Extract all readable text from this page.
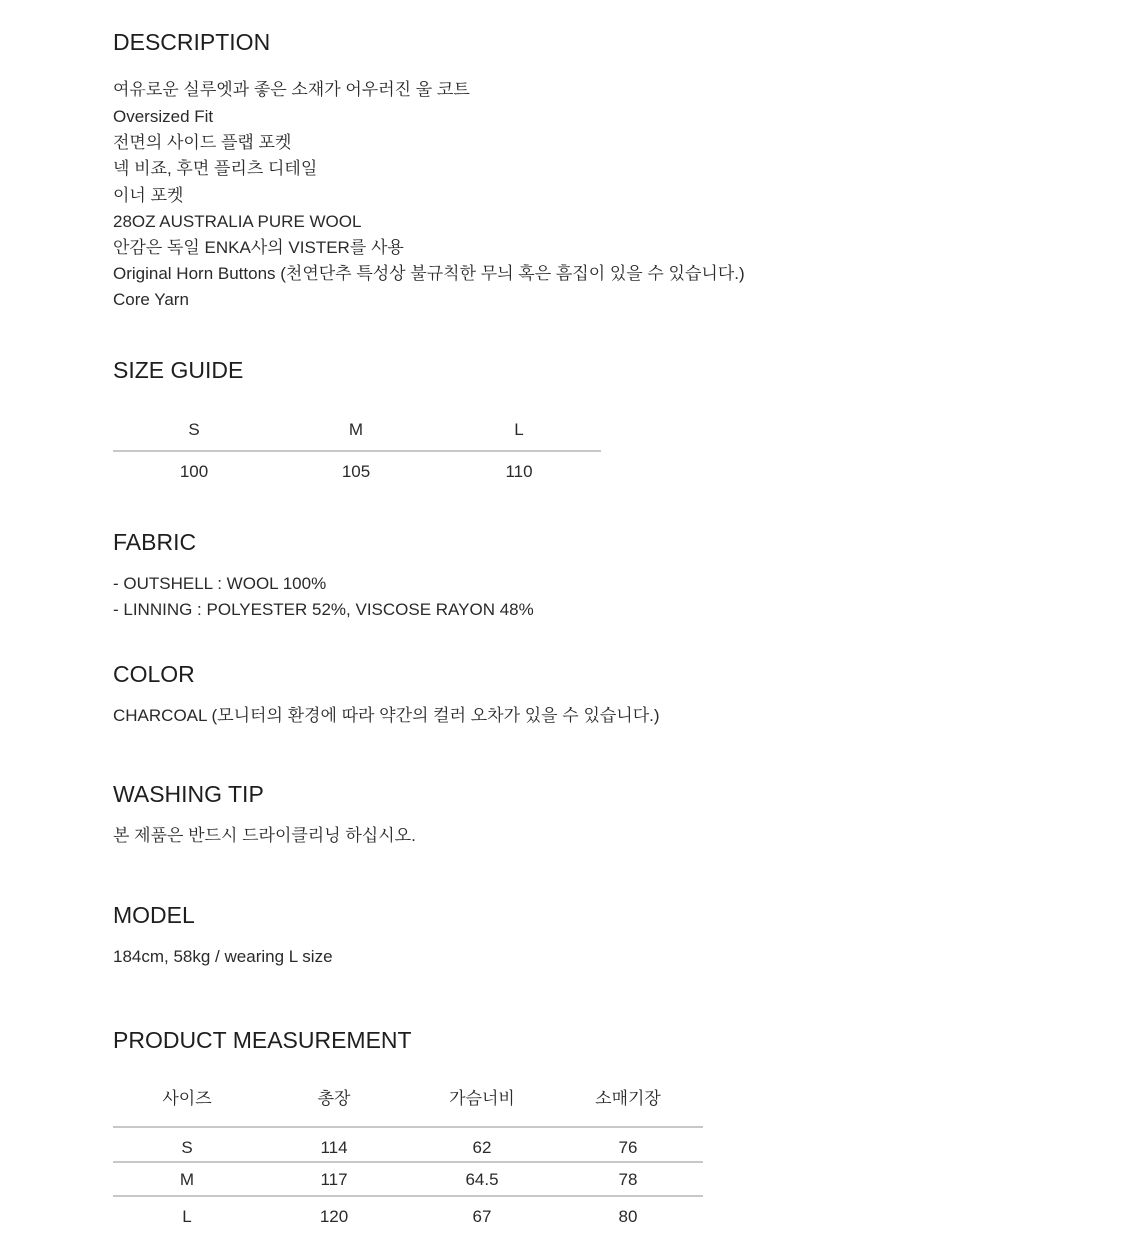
DESCRIPTION
여유로운 실루엣과 좋은 소재가 어우러진 울 코트
Oversized Fit
전면의 사이드 플랩 포켓
넥 비죠, 후면 플리츠 디테일
이너 포켓
28OZ AUSTRALIA PURE WOOL
안감은 독일 ENKA사의 VISTER를 사용
Original Horn Buttons (천연단추 특성상 불규칙한 무늬 혹은 흠집이 있을 수 있습니다.)
Core Yarn
SIZE GUIDE
S	M	L
100	105	110
FABRIC
- OUTSHELL : WOOL 100%
- LINNING : POLYESTER 52%, VISCOSE RAYON 48%
COLOR
CHARCOAL (모니터의 환경에 따라 약간의 컬러 오차가 있을 수 있습니다.)
WASHING TIP
본 제품은 반드시 드라이클리닝 하십시오.
MODEL
184cm, 58kg / wearing L size
PRODUCT MEASUREMENT
사이즈	총장	가슴너비	소매기장
S	114	62	76
M	117	64.5	78
L	120	67	80
